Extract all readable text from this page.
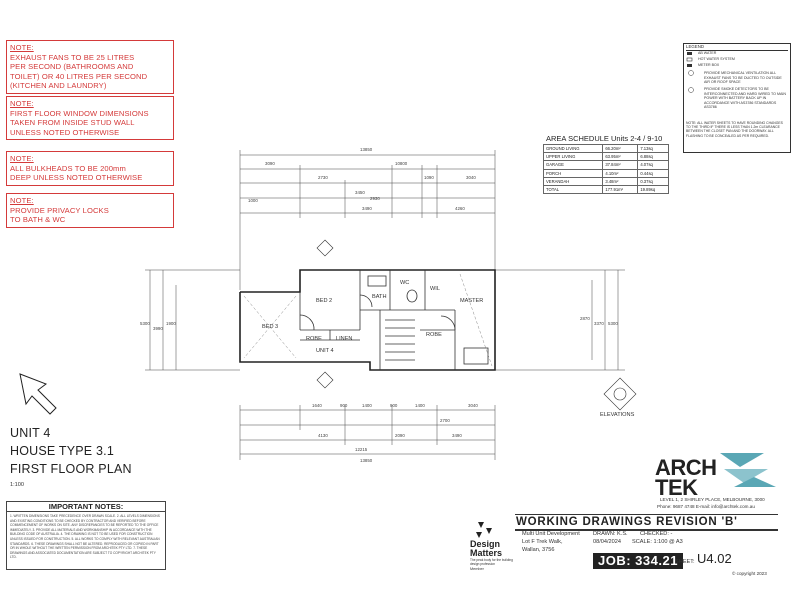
NOTE:
EXHAUST FANS TO BE 25 LITRES
PER SECOND (BATHROOMS AND
TOILET) OR 40 LITRES PER SECOND
(KITCHEN AND LAUNDRY)
NOTE:
FIRST FLOOR WINDOW DIMENSIONS
TAKEN FROM INSIDE STUD WALL
UNLESS NOTED OTHERWISE
NOTE:
ALL BULKHEADS TO BE 200mm
DEEP UNLESS NOTED OTHERWISE
NOTE:
PROVIDE PRIVACY LOCKS
TO BATH & WC
LEGEND
AB WATER
HOT WATER SYSTEM
METER BOX
PROVIDE MECHANICAL VENTILATION ALL EXHAUST FANS TO BE DUCTED TO OUTSIDE AIR OR ROOF SPACE
PROVIDE SMOKE DETECTORS TO BE INTERCONNECTED AND HARD WIRED TO MAIN POWER WITH BATTERY BACK UP IN ACCORDANCE WITH AS3786 STANDARDS AS3786
NOTE: ALL WATER SHEETS TO HAVE ROUNDING CHANGES TO THE THIRD IF THERE IS LESS THAN 1.2m CLEARANCE BETWEEN THE CLOSET PAN AND THE DOORWAY. ALL FLASHING TO BE CONCEALED AS PER REQUIRED.
AREA SCHEDULE Units 2-4 / 9-10
GROUND LIVING	66.20m²	7.13sq
UPPER LIVING	63.95m²	6.88sq
GARAGE	37.84m²	4.07sq
PORCH	4.10m²	0.44sq
VERANDAH	3.48m²	0.37sq
TOTAL	177.91m²	19.89sq
BED 2
BED 3
BATH
WC
WIL
MASTER
ROBE
LINEN
ROBE
UNIT 4
13850
3090	10800
2730
3450
3040
1090
4260
3490
2930
1000
1640	900	1400	900	1400	3040
4130	2090
2700
3490
12215
13850
5300
3990
1900	5300
3370
2870
ELEVATIONS
UNIT 4
HOUSE TYPE 3.1
FIRST FLOOR PLAN
1:100
IMPORTANT NOTES:
1. WRITTEN DIMENSIONS TAKE PRECEDENCE OVER DRAWN SCALE. 2. ALL LEVELS DIMENSIONS AND EXISTING CONDITIONS TO BE CHECKED BY CONTRACTOR AND VERIFIED BEFORE COMMENCEMENT OF WORKS ON SITE. ANY DISCREPANCIES TO BE REPORTED TO THE OFFICE IMMEDIATELY. 3. PROVIDE ALL MATERIALS AND WORKMANSHIP IN ACCORDANCE WITH THE BUILDING CODE OF AUSTRALIA. 4. THE DRAWING IS NOT TO BE USED FOR CONSTRUCTION UNLESS ISSUED FOR CONSTRUCTION. 5. ALL WORKS TO COMPLY WITH RELEVANT AUSTRALIAN STANDARDS. 6. THESE DRAWINGS SHALL NOT BE ALTERED. REPRODUCED OR COPIED IN PART OR IN WHOLE WITHOUT THE WRITTEN PERMISSION FROM ARCHITEK PTY LTD. 7. THESE DRAWINGS AND ASSOCIATED DOCUMENTATION ARE SUBJECT TO COPYRIGHT ARCHITEK PTY LTD.
ARCH
TEK
LEVEL 1, 2 SHIRLEY PLACE, MELBOURNE, 3000
Phone: 9687 4748 E-mail: info@archtek.com.au
Design
Matters
The peak body for the building design profession
Member
WORKING DRAWINGS REVISION 'B'
Multi Unit Development
Lot F Trek Walk,
Wallan, 3756
DRAWN: K.S. CHECKED: -
08/04/2024 SCALE: 1:100 @ A3
JOB: 334.21
SHEET: U4.02
© copyright 2023
